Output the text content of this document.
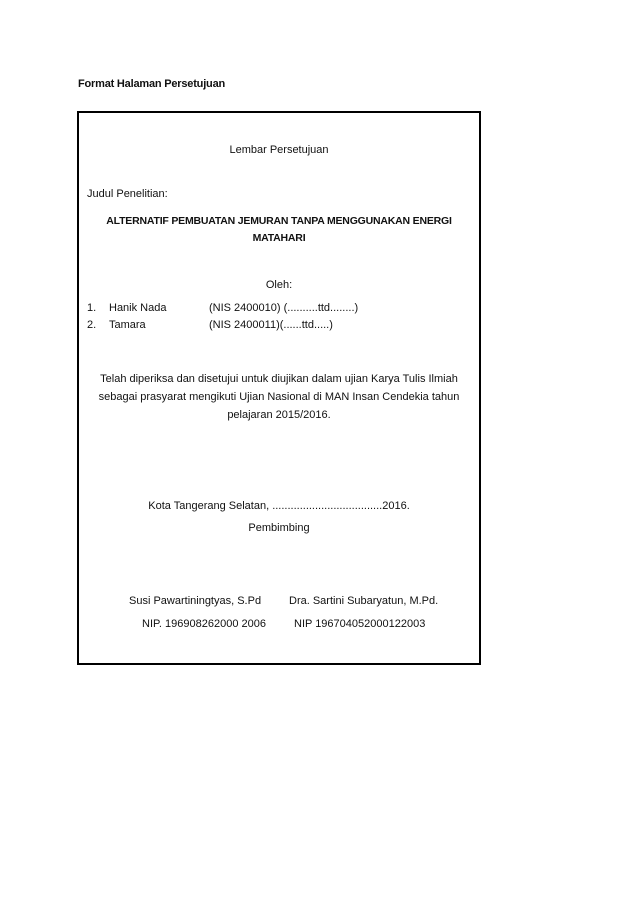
Format Halaman Persetujuan
Lembar Persetujuan
Judul Penelitian:
ALTERNATIF PEMBUATAN JEMURAN TANPA MENGGUNAKAN ENERGI MATAHARI
Oleh:
1. Hanik Nada	(NIS 2400010) (..........ttd........)
2. Tamara	(NIS 2400011)(......ttd.....)
Telah diperiksa dan disetujui untuk diujikan dalam ujian Karya Tulis Ilmiah sebagai prasyarat mengikuti Ujian Nasional di MAN Insan Cendekia tahun pelajaran 2015/2016.
Kota Tangerang Selatan, ....................................2016.
Pembimbing
Susi Pawartiningtyas, S.Pd	Dra. Sartini Subaryatun, M.Pd.
NIP. 196908262000 2006	NIP 196704052000122003
